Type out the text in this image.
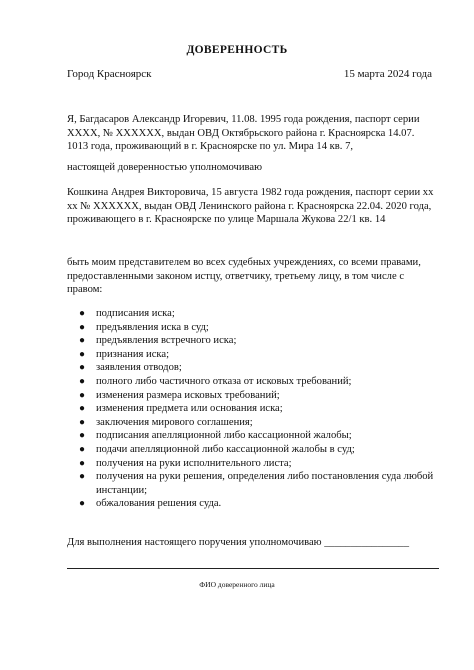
ДОВЕРЕННОСТЬ
Город Красноярск	15 марта 2024 года
Я, Багдасаров Александр Игоревич, 11.08. 1995 года рождения, паспорт серии ХХХХ, № ХХХХХХ, выдан ОВД Октябрьского района г. Красноярска 14.07. 1013 года, проживающий в г. Красноярске по ул. Мира 14 кв. 7,
настоящей доверенностью уполномочиваю
Кошкина Андрея Викторовича, 15 августа 1982 года рождения, паспорт серии хх хх № ХХХХХХ, выдан ОВД Ленинского района г. Красноярска 22.04. 2020 года, проживающего в г. Красноярске по улице Маршала Жукова 22/1 кв. 14
быть моим представителем во всех судебных учреждениях, со всеми правами, предоставленными законом истцу, ответчику, третьему лицу, в том числе с правом:
● подписания иска;
● предъявления иска в суд;
● предъявления встречного иска;
● признания иска;
● заявления отводов;
● полного либо частичного отказа от исковых требований;
● изменения размера исковых требований;
● изменения предмета или основания иска;
● заключения мирового соглашения;
● подписания апелляционной либо кассационной жалобы;
● подачи апелляционной либо кассационной жалобы в суд;
● получения на руки исполнительного листа;
● получения на руки решения, определения либо постановления суда любой инстанции;
● обжалования решения суда.
Для выполнения настоящего поручения уполномочиваю ________________
ФИО доверенного лица
